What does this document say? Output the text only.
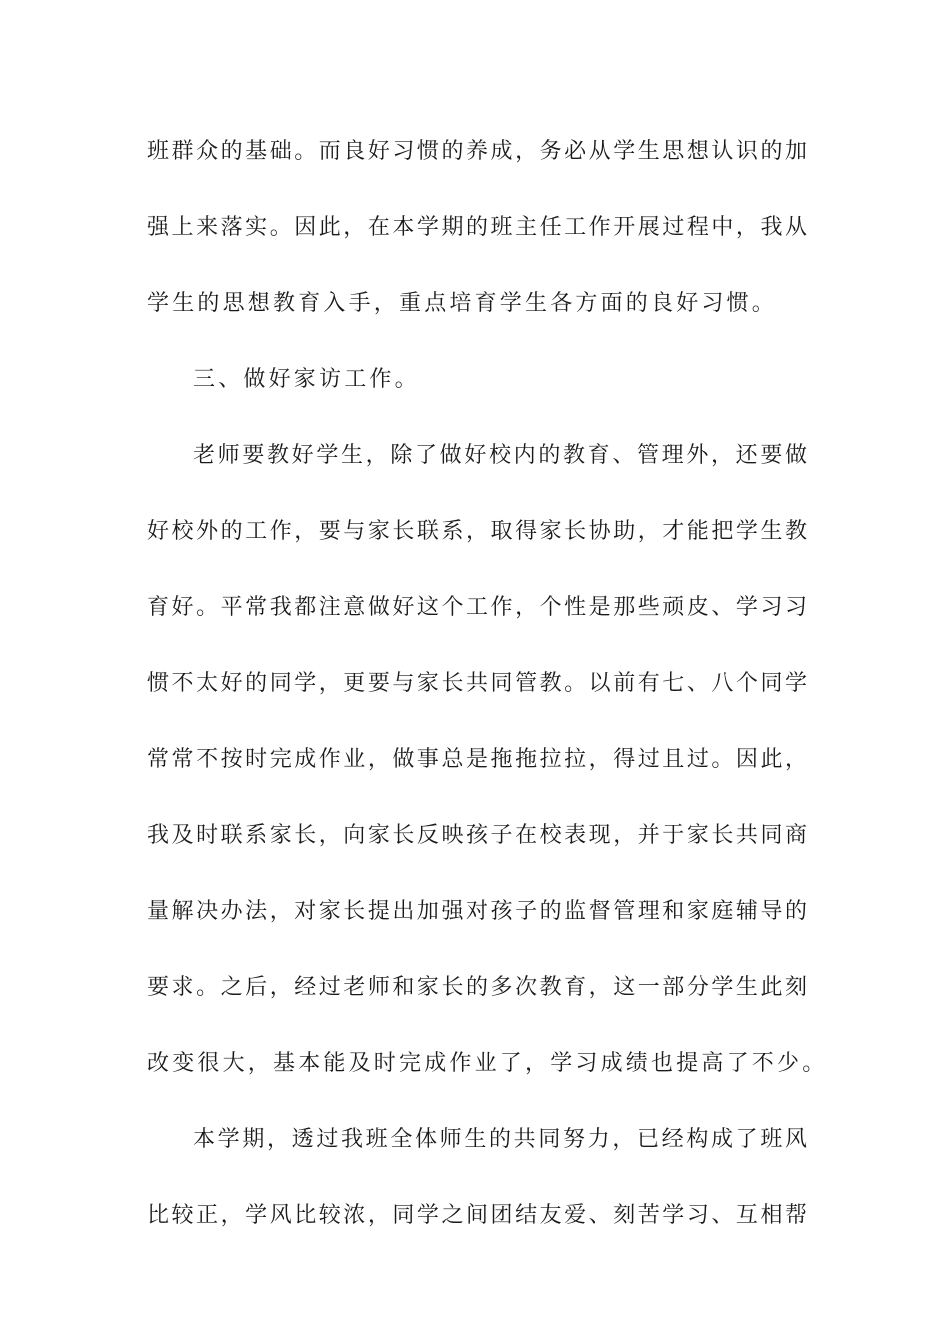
班群众的基础。而良好习惯的养成，务必从学生思想认识的加
强上来落实。因此，在本学期的班主任工作开展过程中，我从
学生的思想教育入手，重点培育学生各方面的良好习惯。
三、做好家访工作。
老师要教好学生，除了做好校内的教育、管理外，还要做
好校外的工作，要与家长联系，取得家长协助，才能把学生教
育好。平常我都注意做好这个工作，个性是那些顽皮、学习习
惯不太好的同学，更要与家长共同管教。以前有七、八个同学
常常不按时完成作业，做事总是拖拖拉拉，得过且过。因此，
我及时联系家长，向家长反映孩子在校表现，并于家长共同商
量解决办法，对家长提出加强对孩子的监督管理和家庭辅导的
要求。之后，经过老师和家长的多次教育，这一部分学生此刻
改变很大，基本能及时完成作业了，学习成绩也提高了不少。
本学期，透过我班全体师生的共同努力，已经构成了班风
比较正，学风比较浓，同学之间团结友爱、刻苦学习、互相帮
